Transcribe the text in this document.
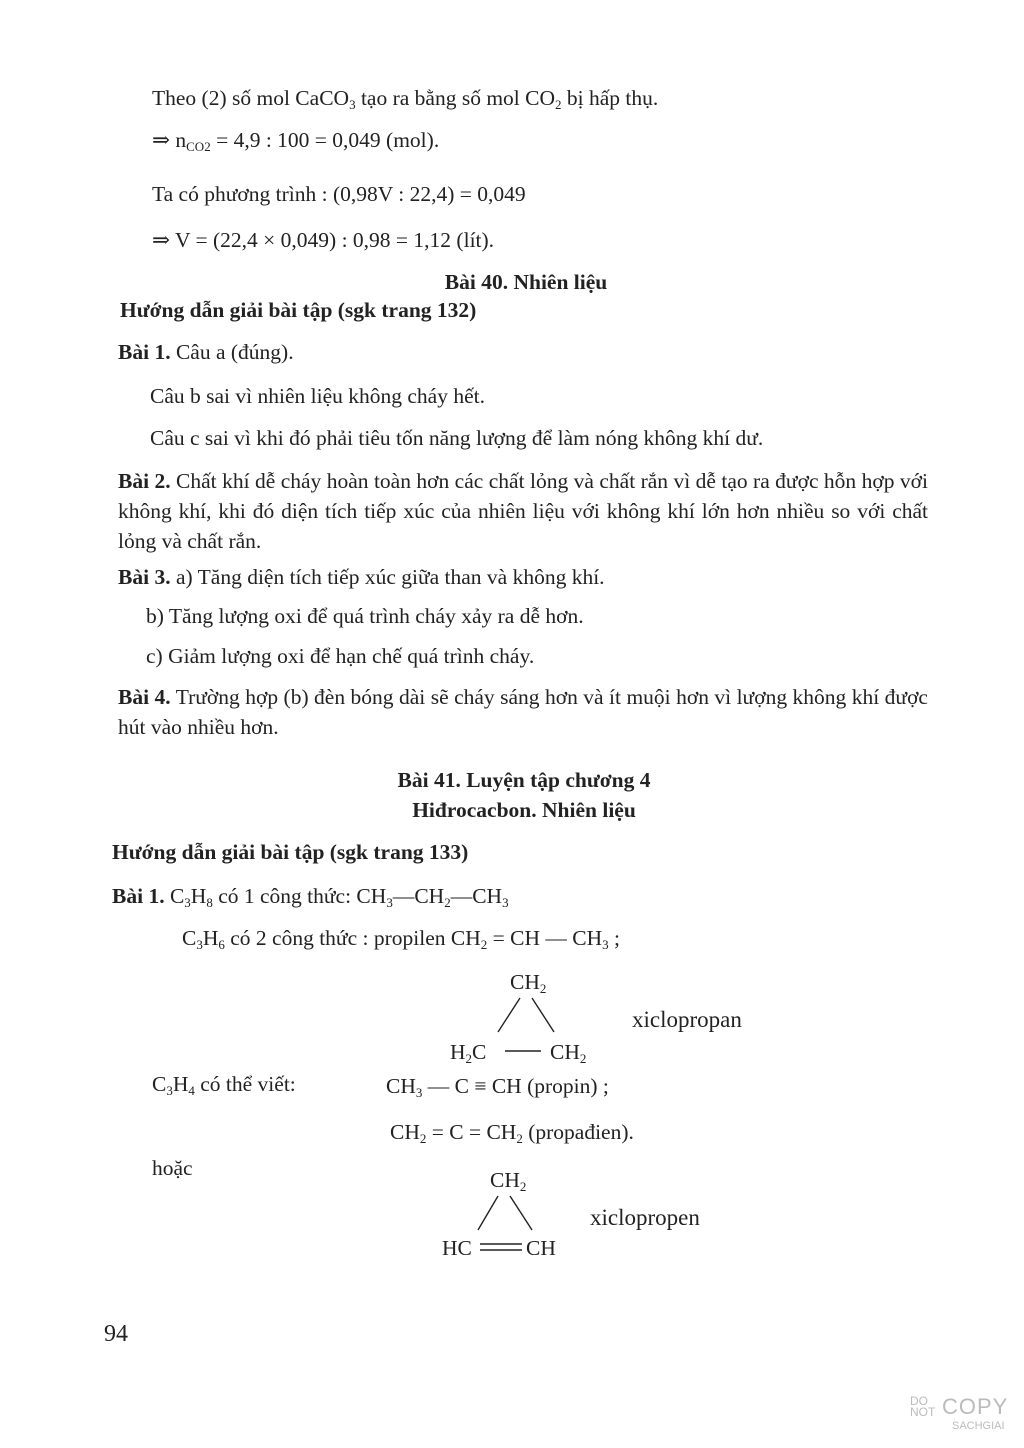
Theo (2) số mol CaCO$_3$ tạo ra bằng số mol $CO_2$ bị hấp thụ.
⇒ $n_{CO2} = 4,9$ : 100 = 0,049 (mol).
Ta có phương trình : (0,98V : 22,4) = 0,049
⇒ V = (22,4 × 0,049) : 0,98 = 1,12 (lít).
Bài 40. Nhiên liệu
Hướng dẫn giải bài tập (sgk trang 132)
Bài 1. Câu a (đúng).
Câu b sai vì nhiên liệu không cháy hết.
Câu c sai vì khi đó phải tiêu tốn năng lượng để làm nóng không khí dư.
Bài 2. Chất khí dễ cháy hoàn toàn hơn các chất lỏng và chất rắn vì dễ tạo ra được hỗn hợp với không khí, khi đó diện tích tiếp xúc của nhiên liệu với không khí lớn hơn nhiều so với chất lỏng và chất rắn.
Bài 3. a) Tăng diện tích tiếp xúc giữa than và không khí.
b) Tăng lượng oxi để quá trình cháy xảy ra dễ hơn.
c) Giảm lượng oxi để hạn chế quá trình cháy.
Bài 4. Trường hợp (b) đèn bóng dài sẽ cháy sáng hơn và ít muội hơn vì lượng không khí được hút vào nhiều hơn.
Bài 41. Luyện tập chương 4
Hiđrocacbon. Nhiên liệu
Hướng dẫn giải bài tập (sgk trang 133)
Bài 1. $C_3H_8$ có 1 công thức: $CH_3—CH_2—CH_3$
$C_3H_6$ có 2 công thức : propilen $CH_2$ = CH — $CH_3$ ;
$CH_2$
$H_2C$	$CH_2$
xiclopropan
$C_3H_4$ có thể viết:	$CH_3$ — C ≡ CH (propin) ;
$CH_2 = C = CH_2$ (propađien).
hoặc	$CH_2$
HC	CH
xiclopropen
94
DO
NOT COPY
SACHGIAI
